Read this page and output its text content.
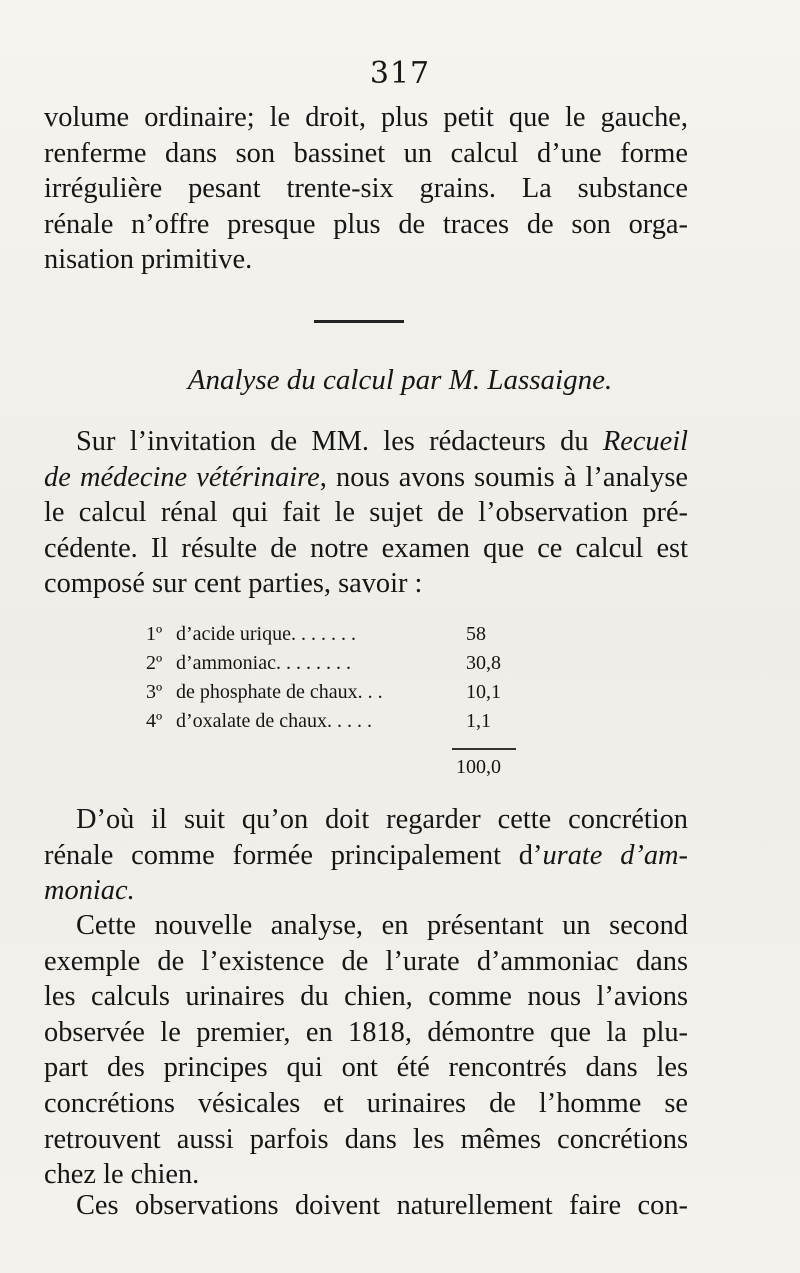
317
volume ordinaire; le droit, plus petit que le gauche,
renferme dans son bassinet un calcul d’une forme
irrégulière pesant trente-six grains. La substance
rénale n’offre presque plus de traces de son orga-
nisation primitive.
Analyse du calcul par M. Lassaigne.
Sur l’invitation de MM. les rédacteurs du Recueil
de médecine vétérinaire, nous avons soumis à l’analyse
le calcul rénal qui fait le sujet de l’observation pré-
cédente. Il résulte de notre examen que ce calcul est
composé sur cent parties, savoir :
1º d’acide urique. . . . . . .	58
2º d’ammoniac. . . . . . . .	30,8
3º de phosphate de chaux. . .	10,1
4º d’oxalate de chaux. . . . .	1,1
100,0
D’où il suit qu’on doit regarder cette concrétion
rénale comme formée principalement d’urate d’am-
moniac.
Cette nouvelle analyse, en présentant un second
exemple de l’existence de l’urate d’ammoniac dans
les calculs urinaires du chien, comme nous l’avions
observée le premier, en 1818, démontre que la plu-
part des principes qui ont été rencontrés dans les
concrétions vésicales et urinaires de l’homme se
retrouvent aussi parfois dans les mêmes concrétions
chez le chien.
Ces observations doivent naturellement faire con-
